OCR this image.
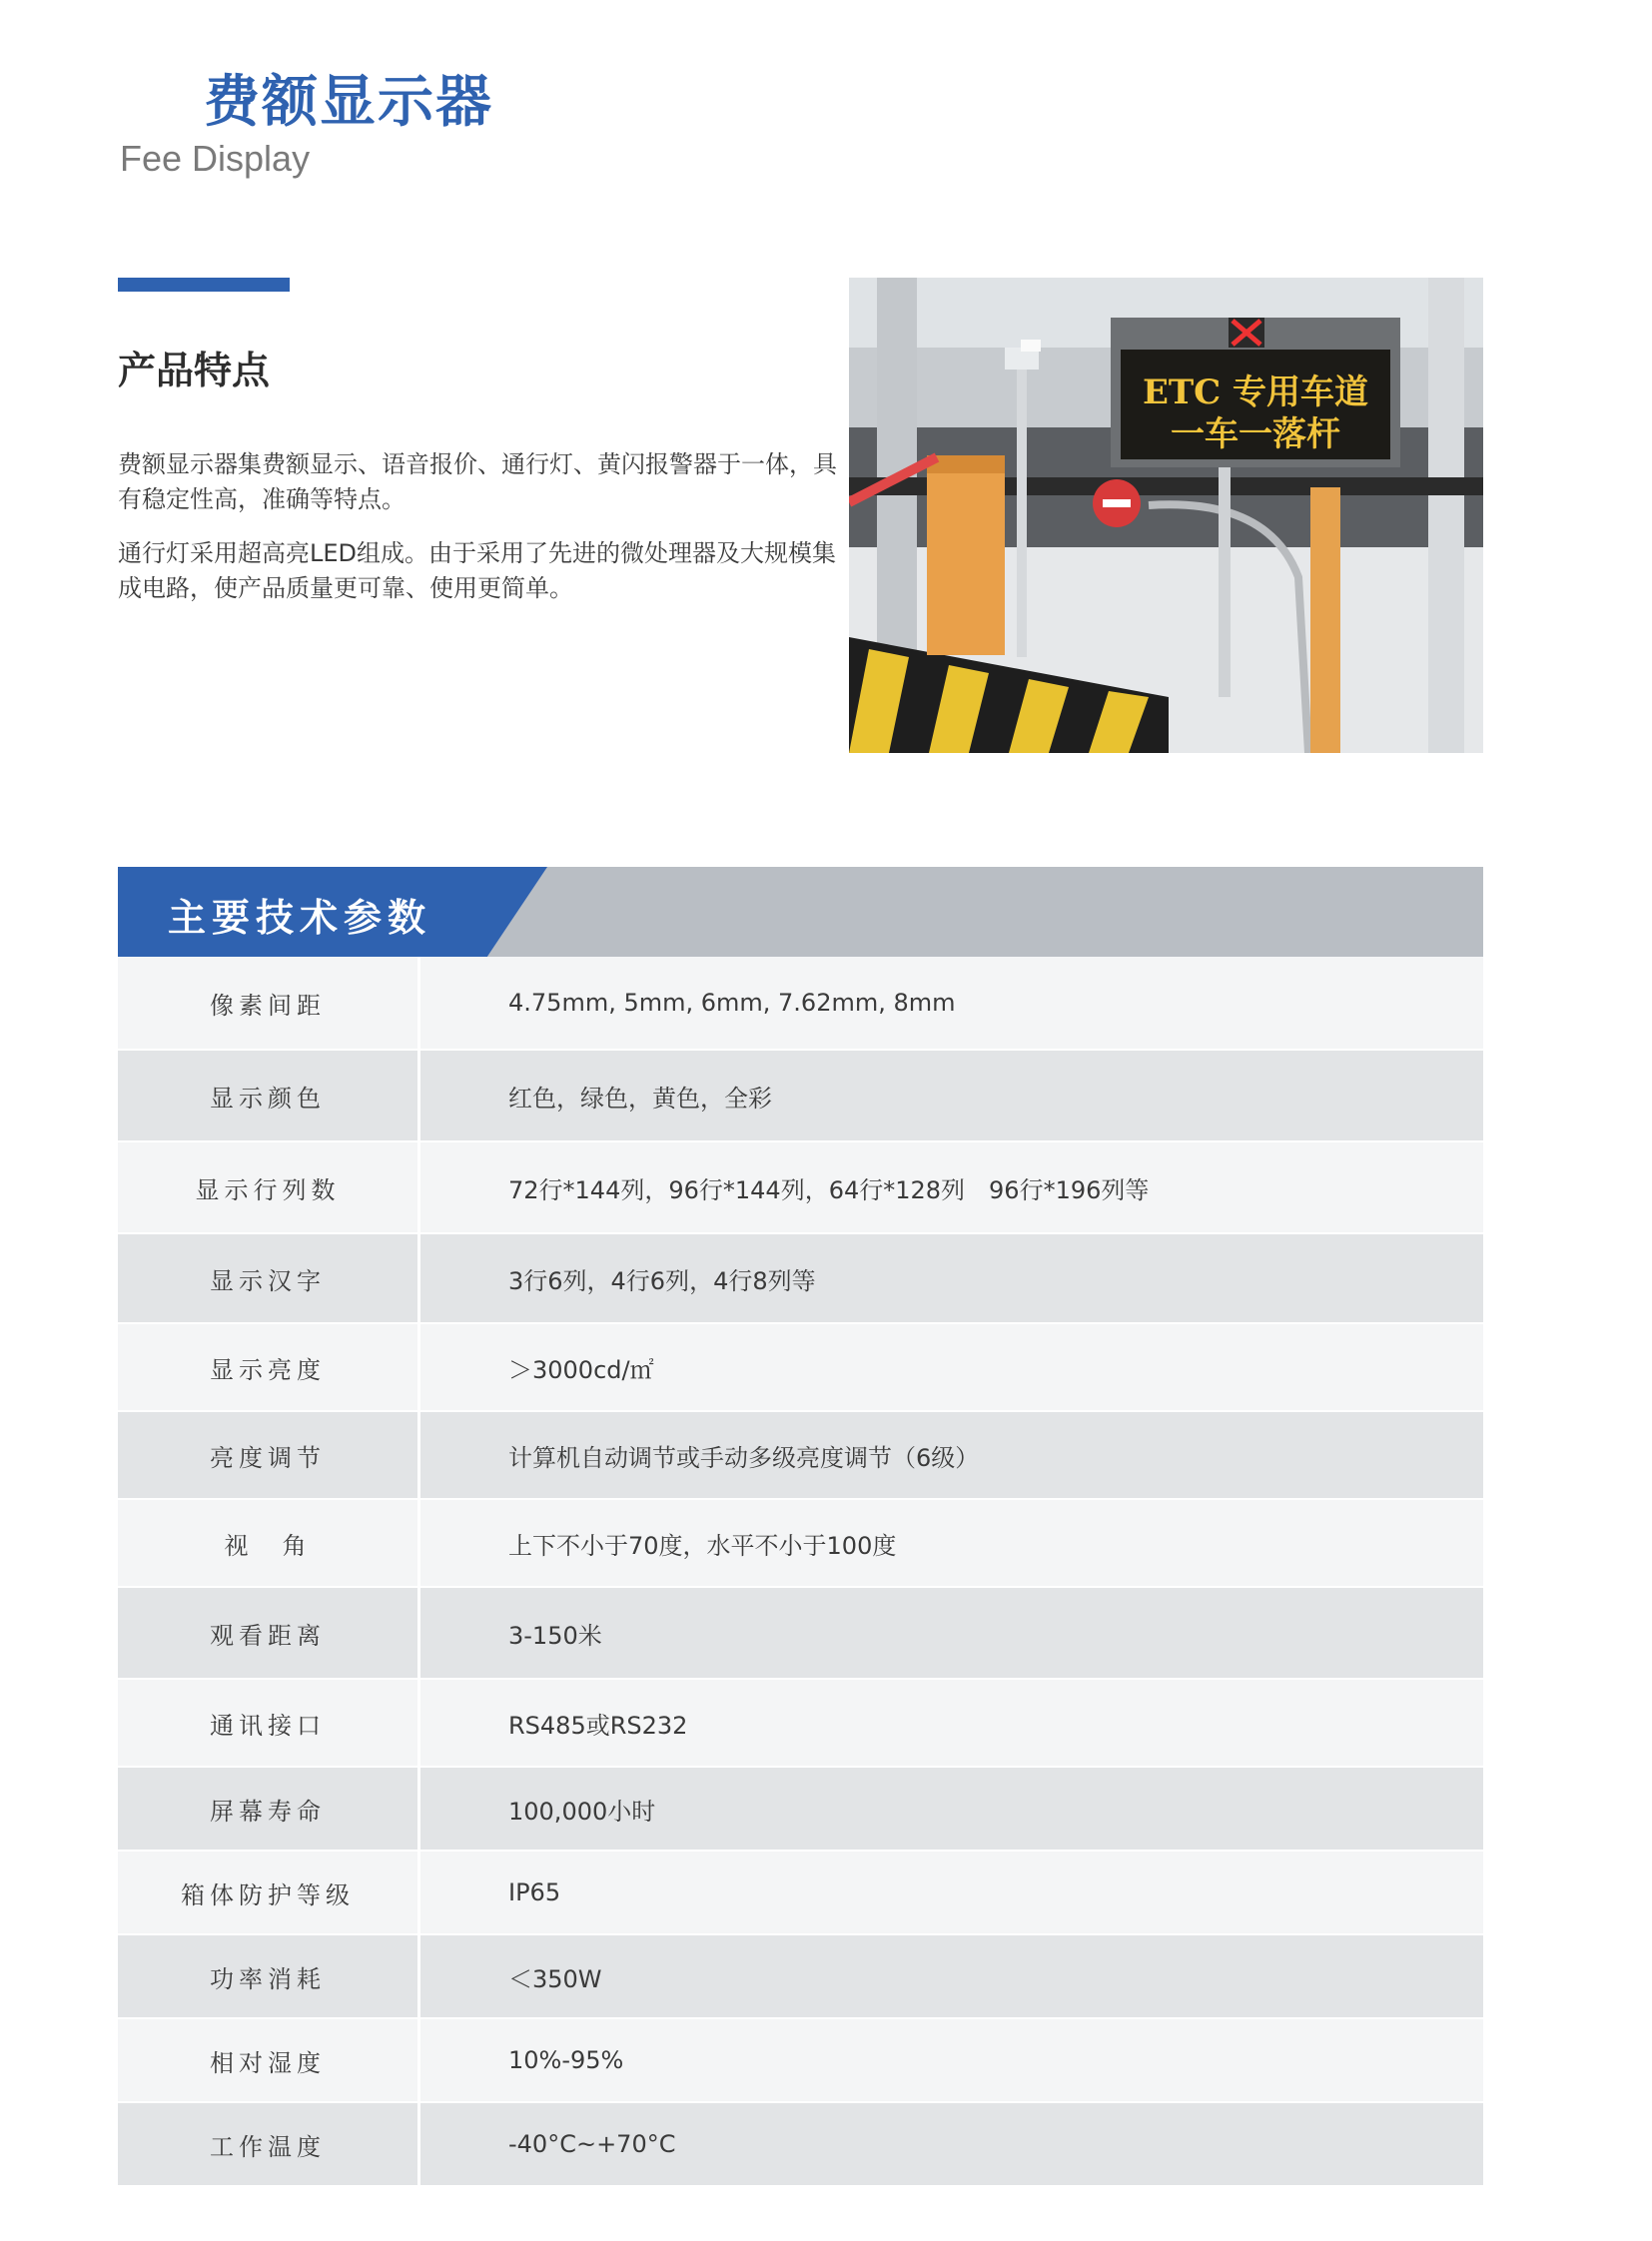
费额显示器
Fee Display
产品特点
费额显示器集费额显示、语音报价、通行灯、黄闪报警器于一体，具有稳定性高，准确等特点。
通行灯采用超高亮LED组成。由于采用了先进的微处理器及大规模集成电路，使产品质量更可靠、使用更简单。
ETC 专用车道
一车一落杆
主要技术参数
像素间距	4.75mm, 5mm, 6mm, 7.62mm, 8mm
显示颜色	红色，绿色，黄色，全彩
显示行列数	72行*144列，96行*144列，64行*128列　96行*196列等
显示汉字	3行6列，4行6列，4行8列等
显示亮度	＞3000cd/㎡
亮度调节	计算机自动调节或手动多级亮度调节（6级）
视　角	上下不小于70度，水平不小于100度
观看距离	3-150米
通讯接口	RS485或RS232
屏幕寿命	100,000小时
箱体防护等级	IP65
功率消耗	＜350W
相对湿度	10%-95%
工作温度	-40°C~+70°C
